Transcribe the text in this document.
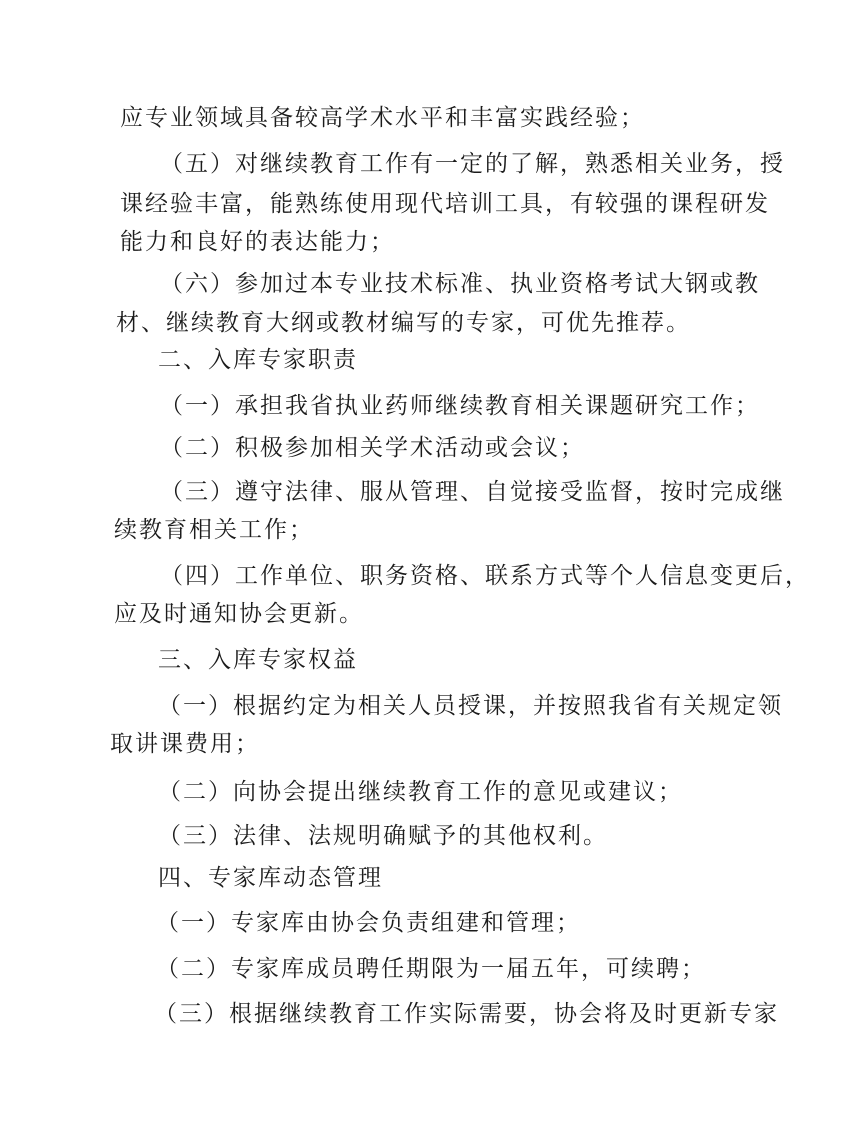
应专业领域具备较高学术水平和丰富实践经验；
（五）对继续教育工作有一定的了解，熟悉相关业务，授
课经验丰富，能熟练使用现代培训工具，有较强的课程研发
能力和良好的表达能力；
（六）参加过本专业技术标准、执业资格考试大钢或教
材、继续教育大纲或教材编写的专家，可优先推荐。
二、入库专家职责
（一）承担我省执业药师继续教育相关课题研究工作；
（二）积极参加相关学术活动或会议；
（三）遵守法律、服从管理、自觉接受监督，按时完成继
续教育相关工作；
（四）工作单位、职务资格、联系方式等个人信息变更后，
应及时通知协会更新。
三、入库专家权益
（一）根据约定为相关人员授课，并按照我省有关规定领
取讲课费用；
（二）向协会提出继续教育工作的意见或建议；
（三）法律、法规明确赋予的其他权利。
四、专家库动态管理
（一）专家库由协会负责组建和管理；
（二）专家库成员聘任期限为一届五年，可续聘；
（三）根据继续教育工作实际需要，协会将及时更新专家
